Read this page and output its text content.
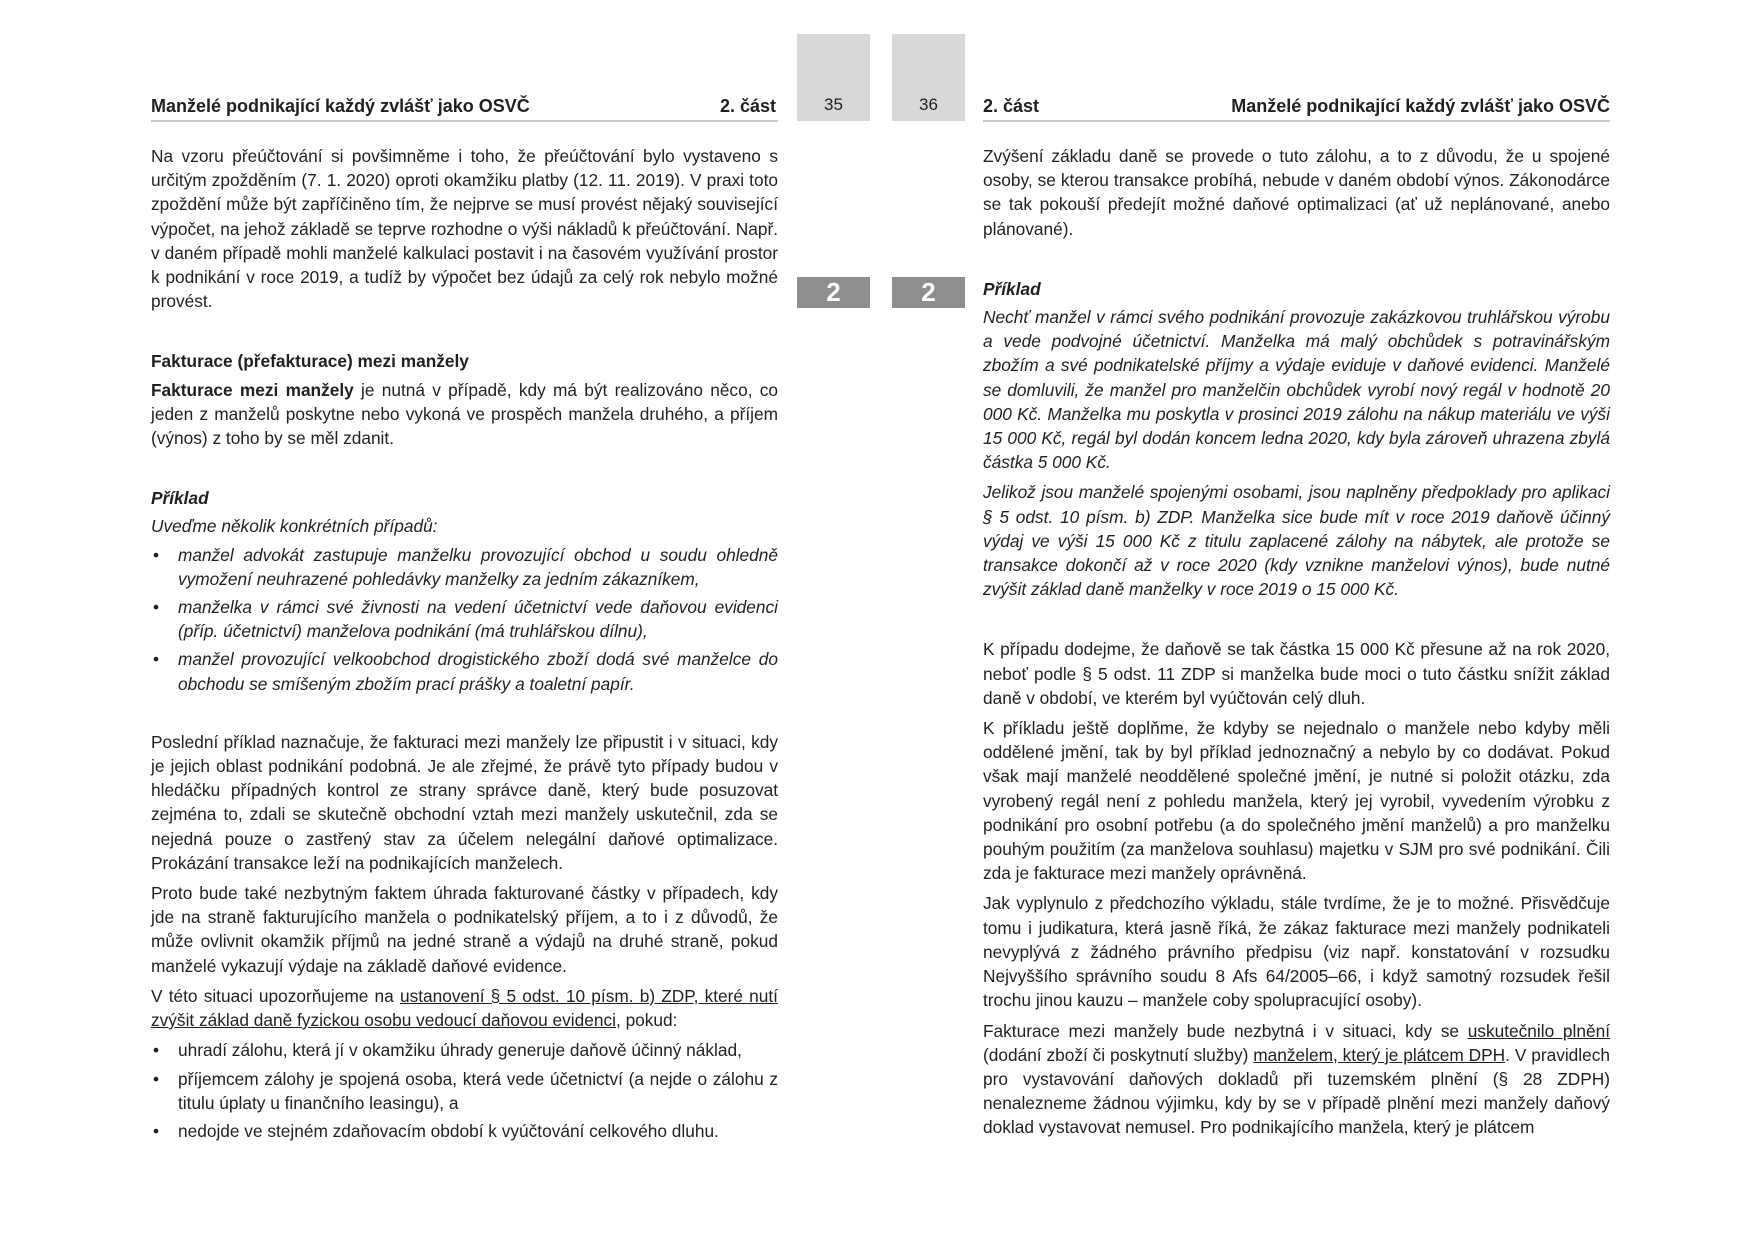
Manželé podnikající každý zvlášť jako OSVČ	2. část	35
2

Na vzoru přeúčtování si povšimněme i toho, že přeúčtování bylo vystaveno s určitým zpožděním (7. 1. 2020) oproti okamžiku platby (12. 11. 2019). V praxi toto zpoždění může být zapříčiněno tím, že nejprve se musí provést nějaký související výpočet, na jehož základě se teprve rozhodne o výši nákladů k přeúčtování. Např. v daném případě mohli manželé kalkulaci postavit i na časovém využívání prostor k podnikání v roce 2019, a tudíž by výpočet bez údajů za celý rok nebylo možné provést.

Fakturace (přefakturace) mezi manžely

Fakturace mezi manžely je nutná v případě, kdy má být realizováno něco, co jeden z manželů poskytne nebo vykoná ve prospěch manžela druhého, a příjem (výnos) z toho by se měl zdanit.

Příklad

Uveďme několik konkrétních případů:

• manžel advokát zastupuje manželku provozující obchod u soudu ohledně vymožení neuhrazené pohledávky manželky za jedním zákazníkem,
• manželka v rámci své živnosti na vedení účetnictví vede daňovou evidenci (příp. účetnictví) manželova podnikání (má truhlářskou dílnu),
• manžel provozující velkoobchod drogistického zboží dodá své manželce do obchodu se smíšeným zbožím prací prášky a toaletní papír.

Poslední příklad naznačuje, že fakturaci mezi manžely lze připustit i v situaci, kdy je jejich oblast podnikání podobná. Je ale zřejmé, že právě tyto případy budou v hledáčku případných kontrol ze strany správce daně, který bude posuzovat zejména to, zdali se skutečně obchodní vztah mezi manžely uskutečnil, zda se nejedná pouze o zastřený stav za účelem nelegální daňové optimalizace. Prokázání transakce leží na podnikajících manželech.

Proto bude také nezbytným faktem úhrada fakturované částky v případech, kdy jde na straně fakturujícího manžela o podnikatelský příjem, a to i z důvodů, že může ovlivnit okamžik příjmů na jedné straně a výdajů na druhé straně, pokud manželé vykazují výdaje na základě daňové evidence.

V této situaci upozorňujeme na ustanovení § 5 odst. 10 písm. b) ZDP, které nutí zvýšit základ daně fyzickou osobu vedoucí daňovou evidenci, pokud:

• uhradí zálohu, která jí v okamžiku úhrady generuje daňově účinný náklad,
• příjemcem zálohy je spojená osoba, která vede účetnictví (a nejde o zálohu z titulu úplaty u finančního leasingu), a
• nedojde ve stejném zdaňovacím období k vyúčtování celkového dluhu.
36
2
2. část	Manželé podnikající každý zvlášť jako OSVČ

Zvýšení základu daně se provede o tuto zálohu, a to z důvodu, že u spojené osoby, se kterou transakce probíhá, nebude v daném období výnos. Zákonodárce se tak pokouší předejít možné daňové optimalizaci (ať už neplánované, anebo plánované).

Příklad

Nechť manžel v rámci svého podnikání provozuje zakázkovou truhlářskou výrobu a vede podvojné účetnictví. Manželka má malý obchůdek s potravinářským zbožím a své podnikatelské příjmy a výdaje eviduje v daňové evidenci. Manželé se domluvili, že manžel pro manželčin obchůdek vyrobí nový regál v hodnotě 20 000 Kč. Manželka mu poskytla v prosinci 2019 zálohu na nákup materiálu ve výši 15 000 Kč, regál byl dodán koncem ledna 2020, kdy byla zároveň uhrazena zbylá částka 5 000 Kč.

Jelikož jsou manželé spojenými osobami, jsou naplněny předpoklady pro aplikaci § 5 odst. 10 písm. b) ZDP. Manželka sice bude mít v roce 2019 daňově účinný výdaj ve výši 15 000 Kč z titulu zaplacené zálohy na nábytek, ale protože se transakce dokončí až v roce 2020 (kdy vznikne manželovi výnos), bude nutné zvýšit základ daně manželky v roce 2019 o 15 000 Kč.

K případu dodejme, že daňově se tak částka 15 000 Kč přesune až na rok 2020, neboť podle § 5 odst. 11 ZDP si manželka bude moci o tuto částku snížit základ daně v období, ve kterém byl vyúčtován celý dluh.

K příkladu ještě doplňme, že kdyby se nejednalo o manžele nebo kdyby měli oddělené jmění, tak by byl příklad jednoznačný a nebylo by co dodávat. Pokud však mají manželé neoddělené společné jmění, je nutné si položit otázku, zda vyrobený regál není z pohledu manžela, který jej vyrobil, vyvedením výrobku z podnikání pro osobní potřebu (a do společného jmění manželů) a pro manželku pouhým použitím (za manželova souhlasu) majetku v SJM pro své podnikání. Čili zda je fakturace mezi manžely oprávněná.

Jak vyplynulo z předchozího výkladu, stále tvrdíme, že je to možné. Přisvědčuje tomu i judikatura, která jasně říká, že zákaz fakturace mezi manžely podnikateli nevyplývá z žádného právního předpisu (viz např. konstatování v rozsudku Nejvyššího správního soudu 8 Afs 64/2005–66, i když samotný rozsudek řešil trochu jinou kauzu – manžele coby spolupracující osoby).

Fakturace mezi manžely bude nezbytná i v situaci, kdy se uskutečnilo plnění (dodání zboží či poskytnutí služby) manželem, který je plátcem DPH. V pravidlech pro vystavování daňových dokladů při tuzemském plnění (§ 28 ZDPH) nenalezneme žádnou výjimku, kdy by se v případě plnění mezi manžely daňový doklad vystavovat nemusel. Pro podnikajícího manžela, který je plátcem
